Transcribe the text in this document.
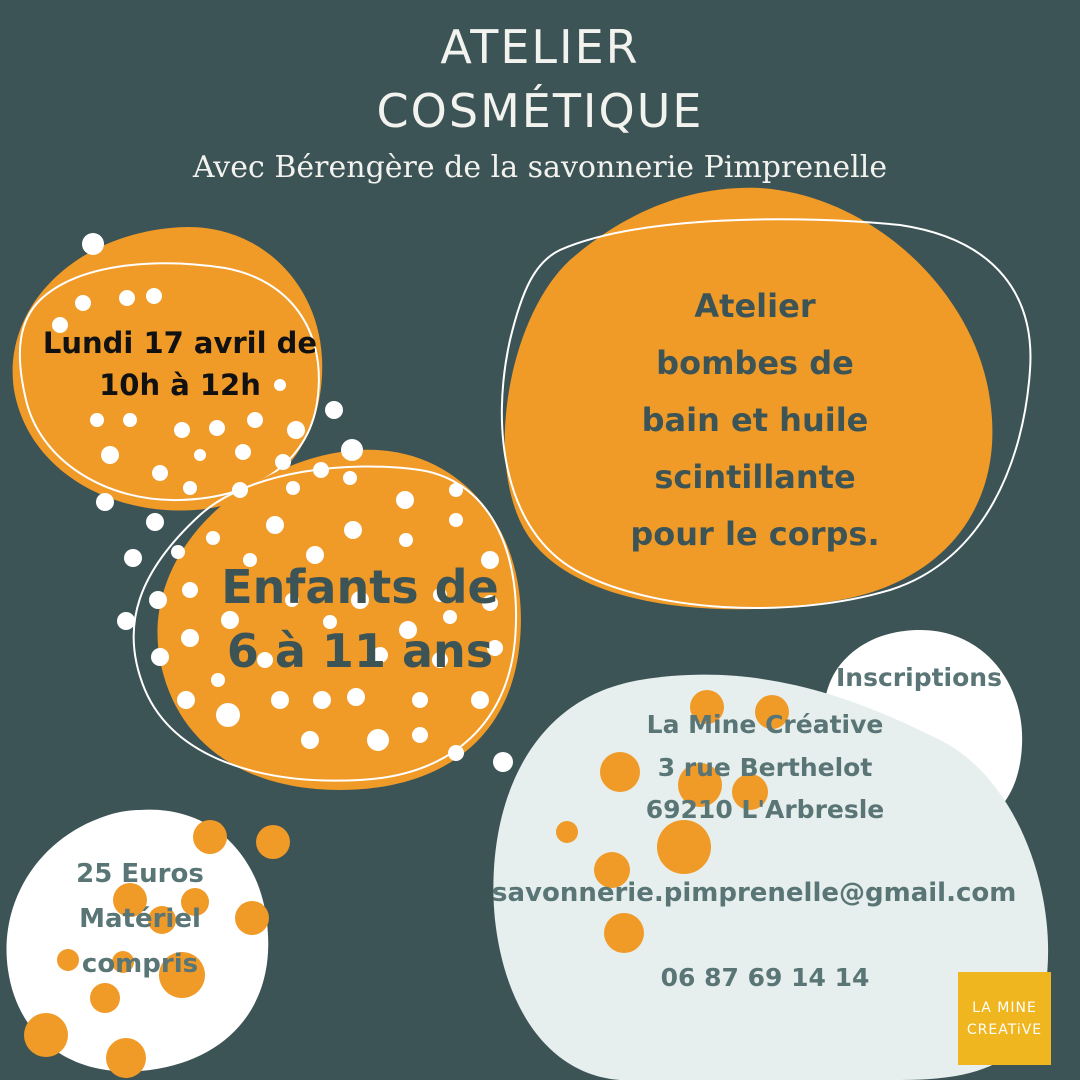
ATELIER
COSMÉTIQUE
Avec Bérengère de la savonnerie Pimprenelle
Lundi 17 avril de
10h à 12h
Enfants de
6 à 11 ans
Atelier
bombes de
bain et huile
scintillante
pour le corps.
25 Euros
Matériel
compris
Inscriptions
La Mine Créative
3 rue Berthelot
69210 L'Arbresle
savonnerie.pimprenelle@gmail.com
06 87 69 14 14
LA MINE
CREATiVE
